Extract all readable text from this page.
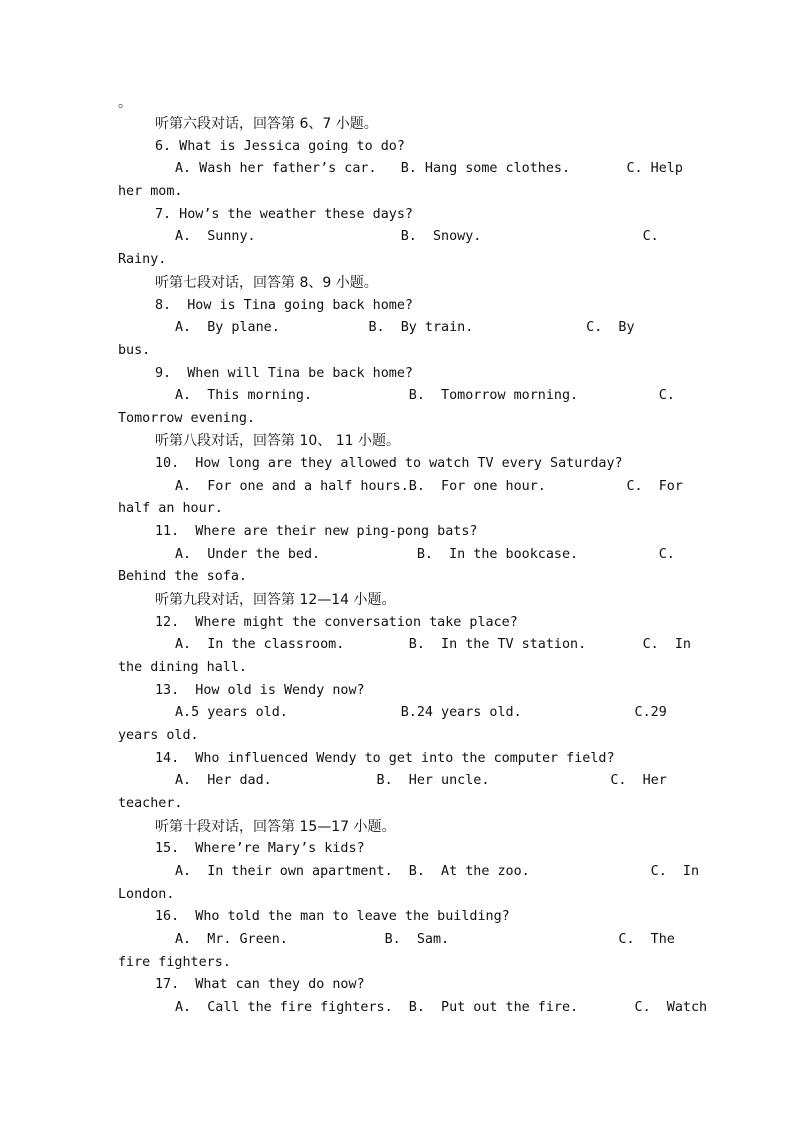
。
听第六段对话，回答第 6、7 小题。
6. What is Jessica going to do?
A. Wash her father’s car.   B. Hang some clothes.       C. Help
her mom.
7. How’s the weather these days?
A.  Sunny.                  B.  Snowy.                    C.
Rainy.
听第七段对话，回答第 8、9 小题。
8.  How is Tina going back home?
A.  By plane.           B.  By train.              C.  By
bus.
9.  When will Tina be back home?
A.  This morning.            B.  Tomorrow morning.          C.
Tomorrow evening.
听第八段对话，回答第 10、 11 小题。
10.  How long are they allowed to watch TV every Saturday?
A.  For one and a half hours.B.  For one hour.          C.  For
half an hour.
11.  Where are their new ping-pong bats?
A.  Under the bed.            B.  In the bookcase.          C.
Behind the sofa.
听第九段对话，回答第 12—14 小题。
12.  Where might the conversation take place?
A.  In the classroom.        B.  In the TV station.       C.  In
the dining hall.
13.  How old is Wendy now?
A.5 years old.              B.24 years old.              C.29
years old.
14.  Who influenced Wendy to get into the computer field?
A.  Her dad.             B.  Her uncle.               C.  Her
teacher.
听第十段对话，回答第 15—17 小题。
15.  Where’re Mary’s kids?
A.  In their own apartment.  B.  At the zoo.               C.  In
London.
16.  Who told the man to leave the building?
A.  Mr. Green.            B.  Sam.                     C.  The
fire fighters.
17.  What can they do now?
A.  Call the fire fighters.  B.  Put out the fire.       C.  Watch
